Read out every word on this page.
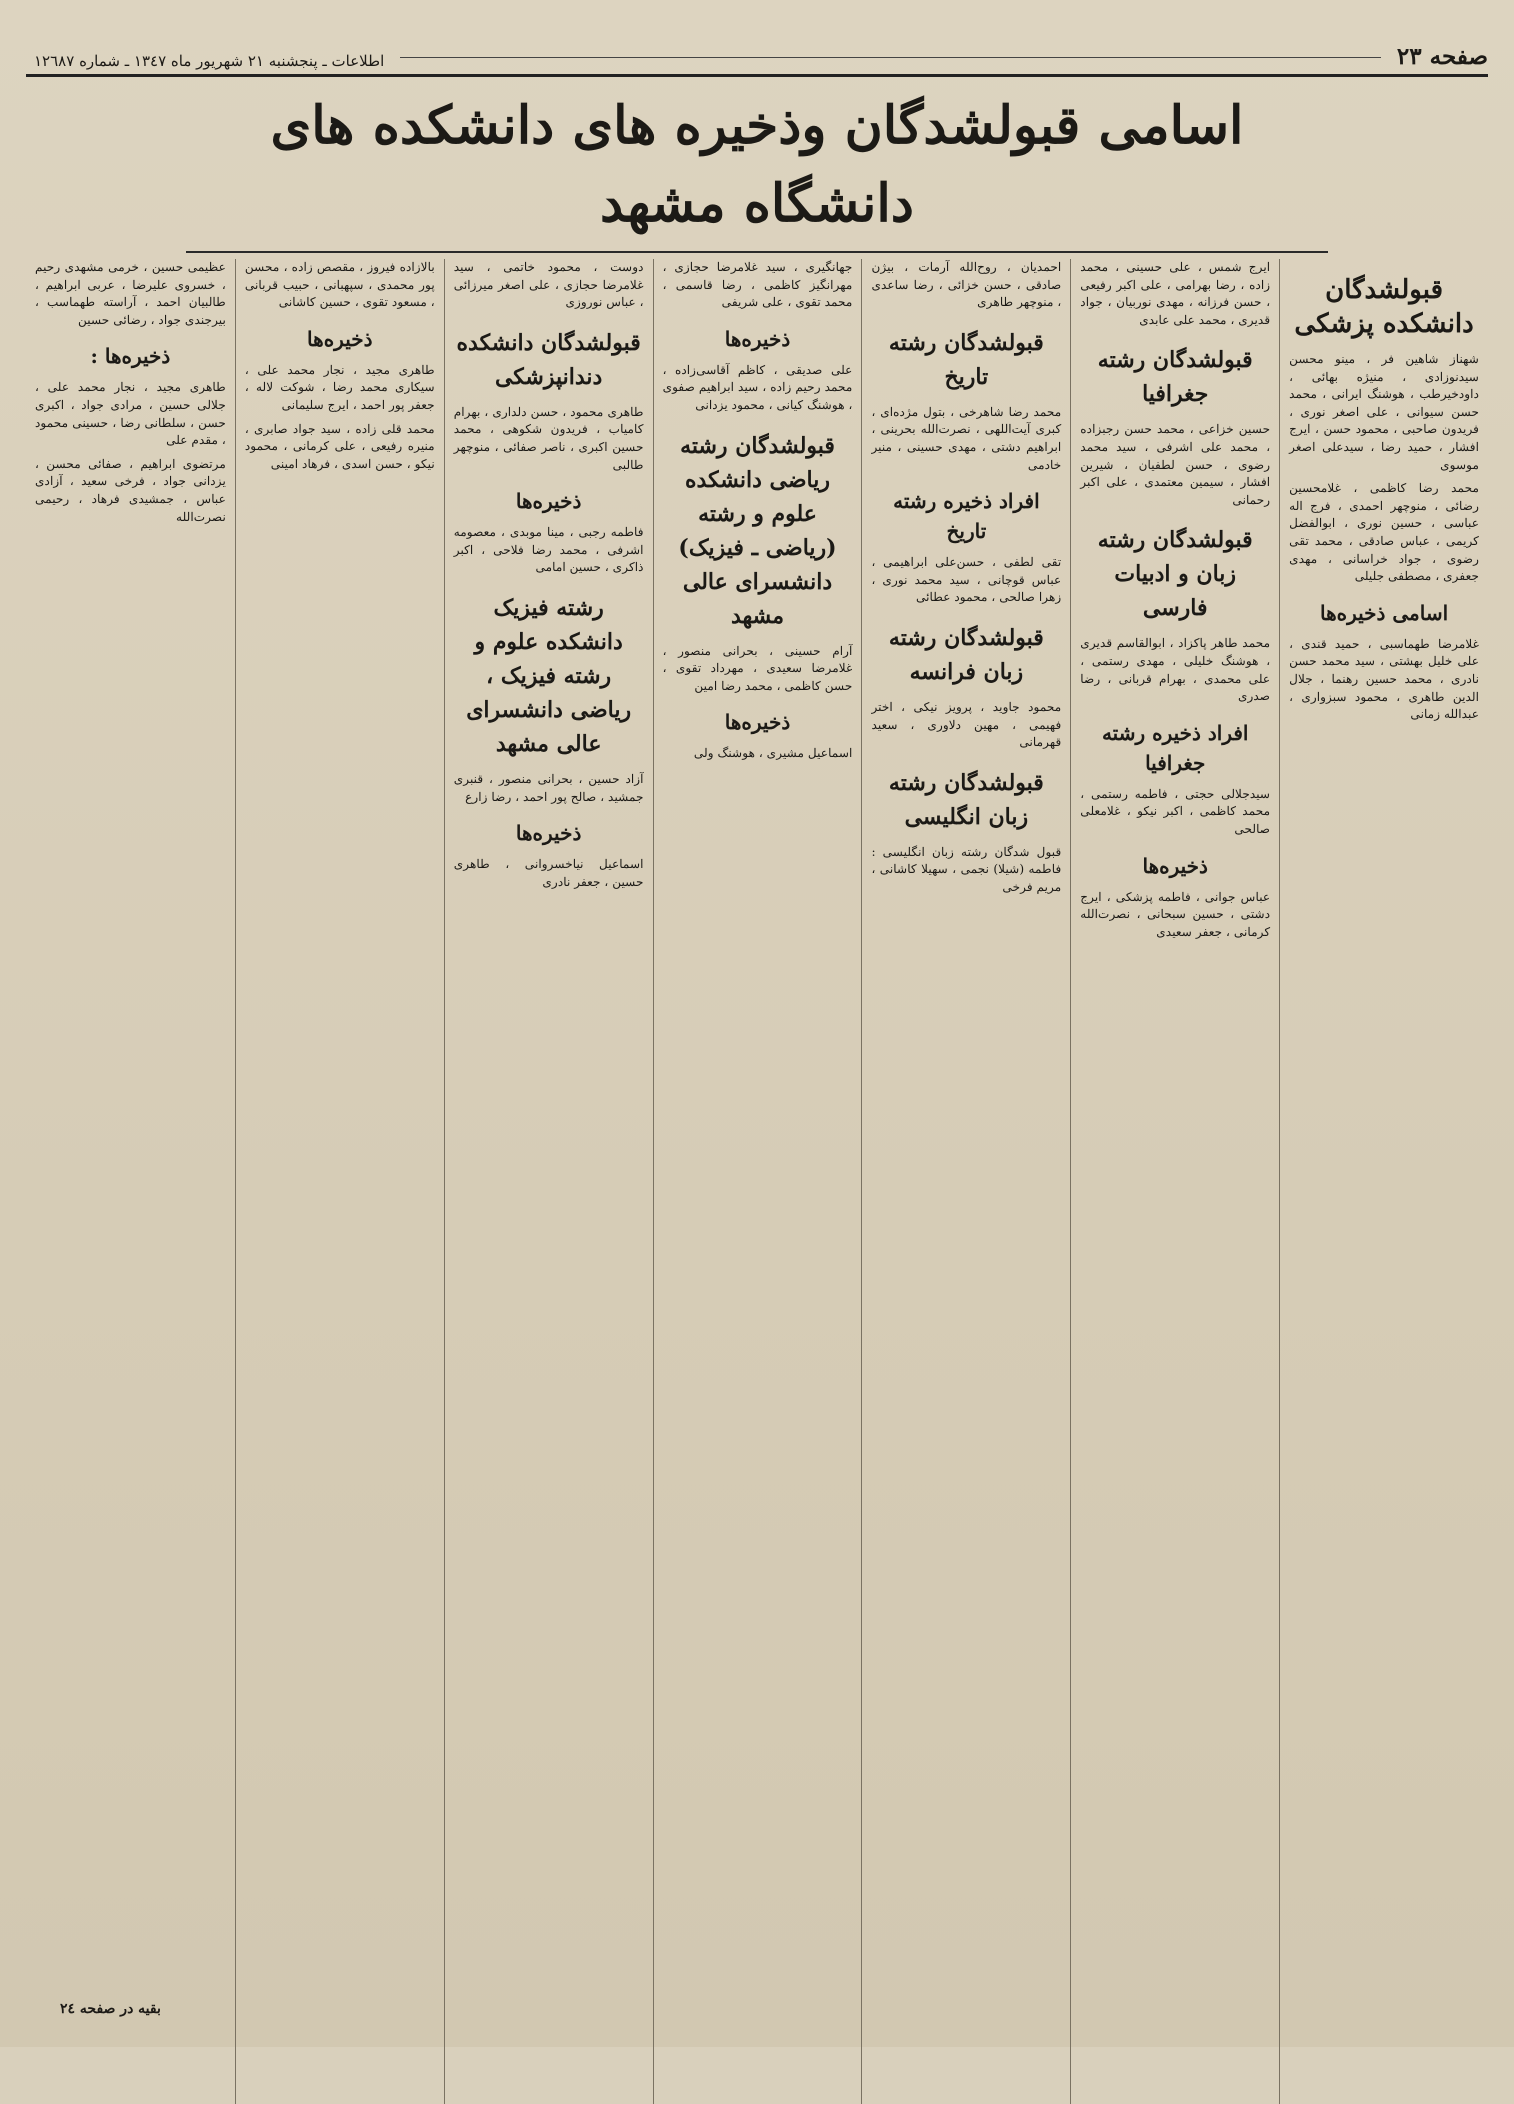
صفحه ٢٣
اطلاعات ـ پنجشنبه ٢١ شهریور ماه ١٣٤٧ ـ شماره ١٢٦٨٧
اسامی قبولشدگان وذخیره های دانشکده های دانشگاه مشهد
قبولشدگان دانشکده پزشکی

شهناز شاهین فر ، مینو محسن سیدنوزادی ، منیژه بهائی ، داودخیرطب ، هوشنگ ایرانی ، محمد حسن سیوانی ، علی اصغر نوری ، فریدون صاحبی ، محمود حسن ، ایرج افشار ، حمید رضا ، سیدعلی اصغر موسوی

محمد رضا کاظمی ، غلامحسین رضائی ، منوچهر احمدی ، فرج اله عباسی ، حسین نوری ، ابوالفضل کریمی ، عباس صادقی ، محمد تقی رضوی ، جواد خراسانی ، مهدی جعفری ، مصطفی جلیلی

اسامی ذخیره‌ها

غلامرضا طهماسبی ، حمید قندی ، علی خلیل بهشتی ، سید محمد حسن نادری ، محمد حسین رهنما ، جلال الدین طاهری ، محمود سبزواری ، عبدالله زمانی

ایرج شمس ، علی حسینی ، محمد زاده ، رضا بهرامی ، علی اکبر رفیعی ، حسن فرزانه ، مهدی نوربیان ، جواد قدیری ، محمد علی عابدی

قبولشدگان رشته جغرافیا

حسین خزاعی ، محمد حسن رجبزاده ، محمد علی اشرفی ، سید محمد رضوی ، حسن لطفیان ، شیرین افشار ، سیمین معتمدی ، علی اکبر رحمانی

قبولشدگان رشته زبان و ادبیات فارسی

محمد طاهر پاکزاد ، ابوالقاسم قدیری ، هوشنگ خلیلی ، مهدی رستمی ، علی محمدی ، بهرام قربانی ، رضا صدری

افراد ذخیره رشته جغرافیا

سیدجلالی حجتی ، فاطمه رستمی ، محمد کاظمی ، اکبر نیکو ، غلامعلی صالحی

ذخیره‌ها

عباس جوانی ، فاطمه پزشکی ، ایرج دشتی ، حسین سبحانی ، نصرت‌الله کرمانی ، جعفر سعیدی

احمدیان ، روح‌الله آرمات ، بیژن صادقی ، حسن خزائی ، رضا ساعدی ، منوچهر طاهری

قبولشدگان رشته تاریخ

محمد رضا شاهرخی ، بتول مژده‌ای ، کبری آیت‌اللهی ، نصرت‌الله بحرینی ، ابراهیم دشتی ، مهدی حسینی ، منیر خادمی

افراد ذخیره رشته تاریخ

تقی لطفی ، حسن‌علی ابراهیمی ، عباس قوچانی ، سید محمد نوری ، زهرا صالحی ، محمود عطائی

قبولشدگان رشته زبان فرانسه

محمود جاوید ، پرویز نیکی ، اختر فهیمی ، مهین دلاوری ، سعید قهرمانی

قبولشدگان رشته زبان انگلیسی

قبول شدگان رشته زبان انگلیسی : فاطمه (شیلا) نجمی ، سهیلا کاشانی ، مریم فرخی

جهانگیری ، سید غلامرضا حجازی ، مهرانگیز کاظمی ، رضا قاسمی ، محمد تقوی ، علی شریفی

ذخیره‌ها

علی صدیقی ، کاظم آقاسی‌زاده ، محمد رحیم زاده ، سید ابراهیم صفوی ، هوشنگ کیانی ، محمود یزدانی

قبولشدگان رشته ریاضی دانشکده علوم و رشته (ریاضی ـ فیزیک) دانشسرای عالی مشهد

آرام حسینی ، بحرانی منصور ، غلامرضا سعیدی ، مهرداد تقوی ، حسن کاظمی ، محمد رضا امین

ذخیره‌ها

اسماعیل مشیری ، هوشنگ ولی

دوست ، محمود خاتمی ، سید غلامرضا حجازی ، علی اصغر میرزائی ، عباس نوروزی

قبولشدگان دانشکده دندانپزشکی

طاهری محمود ، حسن دلداری ، بهرام کامیاب ، فریدون شکوهی ، محمد حسین اکبری ، ناصر صفائی ، منوچهر طالبی

ذخیره‌ها

فاطمه رجبی ، مینا موبدی ، معصومه اشرفی ، محمد رضا فلاحی ، اکبر ذاکری ، حسین امامی

رشته فیزیک دانشکده علوم و رشته فیزیک ، ریاضی دانشسرای عالی مشهد

آزاد حسین ، بحرانی منصور ، قنبری جمشید ، صالح پور احمد ، رضا زارع

ذخیره‌ها

اسماعیل نیاخسروانی ، طاهری حسین ، جعفر نادری

بالازاده فیروز ، مقصص زاده ، محسن پور محمدی ، سپهبانی ، حبیب قربانی ، مسعود تقوی ، حسین کاشانی

ذخیره‌ها

طاهری مجید ، نجار محمد علی ، سیکاری محمد رضا ، شوکت لاله ، جعفر پور احمد ، ایرج سلیمانی

محمد قلی زاده ، سید جواد صابری ، منیره رفیعی ، علی کرمانی ، محمود نیکو ، حسن اسدی ، فرهاد امینی

عظیمی حسین ، خرمی مشهدی رحیم ، خسروی علیرضا ، عربی ابراهیم ، طالبیان احمد ، آراسته طهماسب ، بیرجندی جواد ، رضائی حسین

ذخیره‌ها :

طاهری مجید ، نجار محمد علی ، جلالی حسین ، مرادی جواد ، اکبری حسن ، سلطانی رضا ، حسینی محمود ، مقدم علی

مرتضوی ابراهیم ، صفائی محسن ، یزدانی جواد ، فرخی سعید ، آزادی عباس ، جمشیدی فرهاد ، رحیمی نصرت‌الله

بقیه در صفحه ٢٤
